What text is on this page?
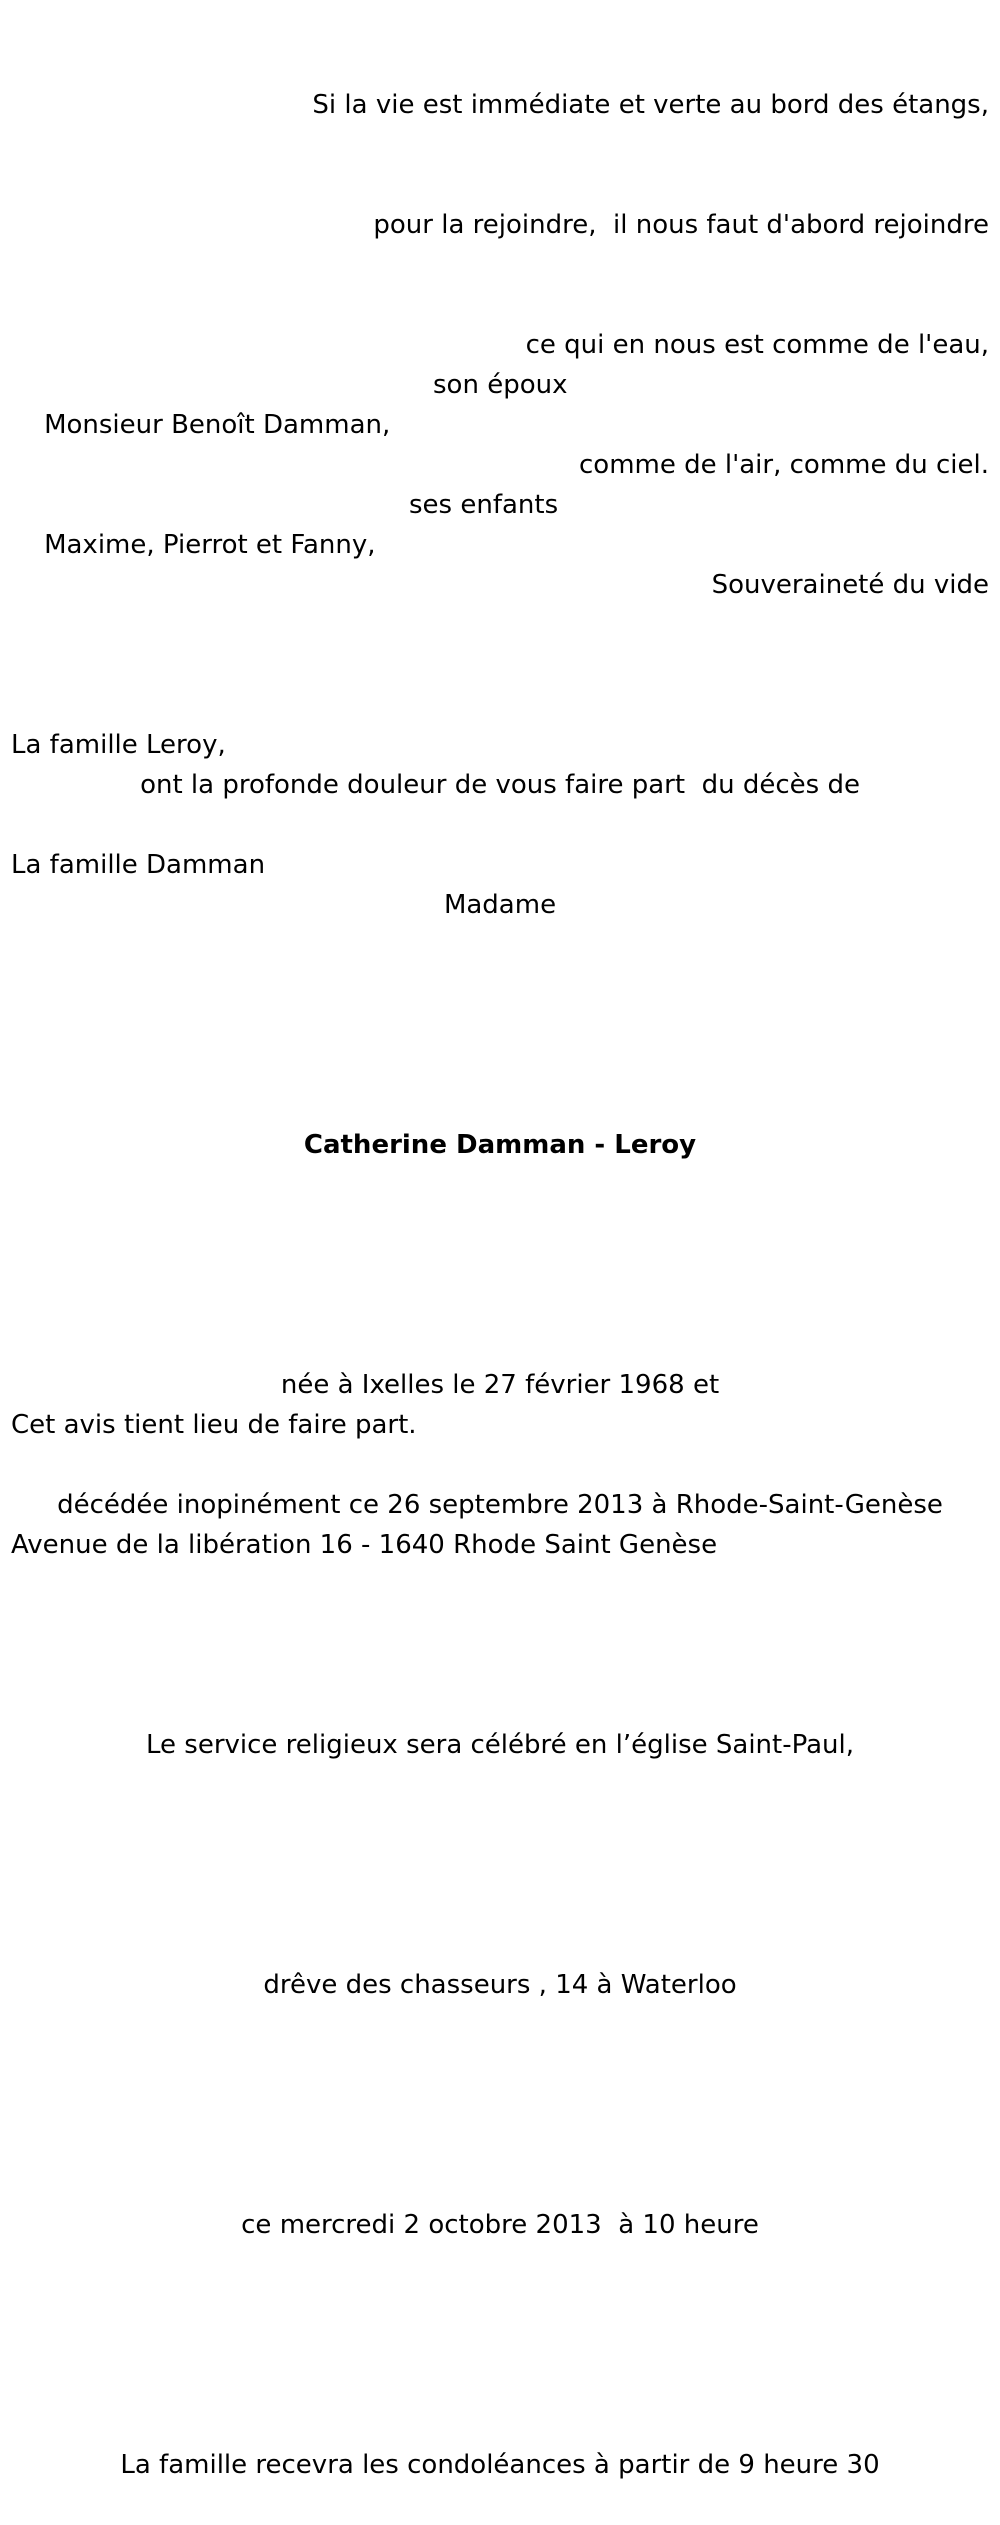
Si la vie est immédiate et verte au bord des étangs,

pour la rejoindre,  il nous faut d'abord rejoindre

ce qui en nous est comme de l'eau,

comme de l'air, comme du ciel.

Souveraineté du vide

Monsieur Benoît Damman,

son époux

Maxime, Pierrot et Fanny,

ses enfants

La famille Leroy,

La famille Damman

ont la profonde douleur de vous faire part  du décès de

Madame

Catherine Damman - Leroy

née à Ixelles le 27 février 1968 et

décédée inopinément ce 26 septembre 2013 à Rhode-Saint-Genèse

Le service religieux sera célébré en l’église Saint-Paul,

drêve des chasseurs , 14 à Waterloo

ce mercredi 2 octobre 2013  à 10 heure

La famille recevra les condoléances à partir de 9 heure 30

Cet avis tient lieu de faire part.

Avenue de la libération 16 - 1640 Rhode Saint Genèse
